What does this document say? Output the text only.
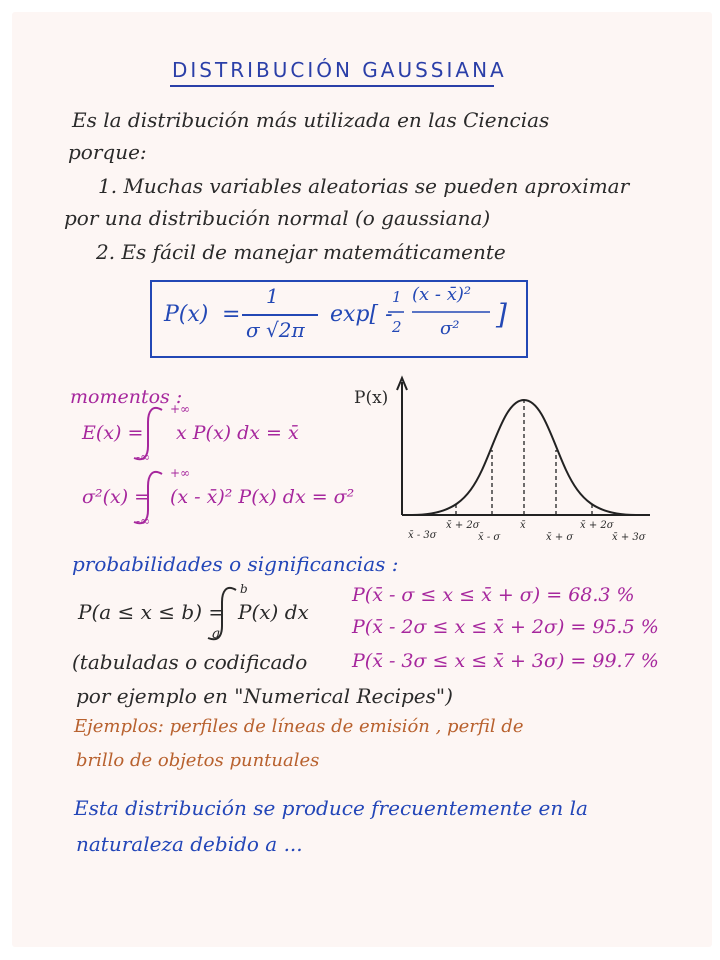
DISTRIBUCIÓN GAUSSIANA
Es la distribución más utilizada en las Ciencias
porque:
1. Muchas variables aleatorias se pueden aproximar
por una distribución normal (o gaussiana)
2. Es fácil de manejar matemáticamente
P(x) =
1
σ √2π
exp[ -
1
2
(x - x̄)²
σ² ]
momentos :
E(x) = x P(x) dx = x̄
+∞
-∞
σ²(x) = (x - x̄)² P(x) dx = σ²
+∞
-∞
P(x)
x̄ - 3σ
x̄ + 2σ
x̄ - σ
x̄
x̄ + σ
x̄ + 2σ
x̄ + 3σ
probabilidades o significancias :
P(a ≤ x ≤ b) = P(x) dx
b
a
P(x̄ - σ ≤ x ≤ x̄ + σ) = 68.3 %
P(x̄ - 2σ ≤ x ≤ x̄ + 2σ) = 95.5 %
P(x̄ - 3σ ≤ x ≤ x̄ + 3σ) = 99.7 %
(tabuladas o codificado
por ejemplo en "Numerical Recipes")
Ejemplos: perfiles de líneas de emisión , perfil de
brillo de objetos puntuales
Esta distribución se produce frecuentemente en la
naturaleza debido a ...
